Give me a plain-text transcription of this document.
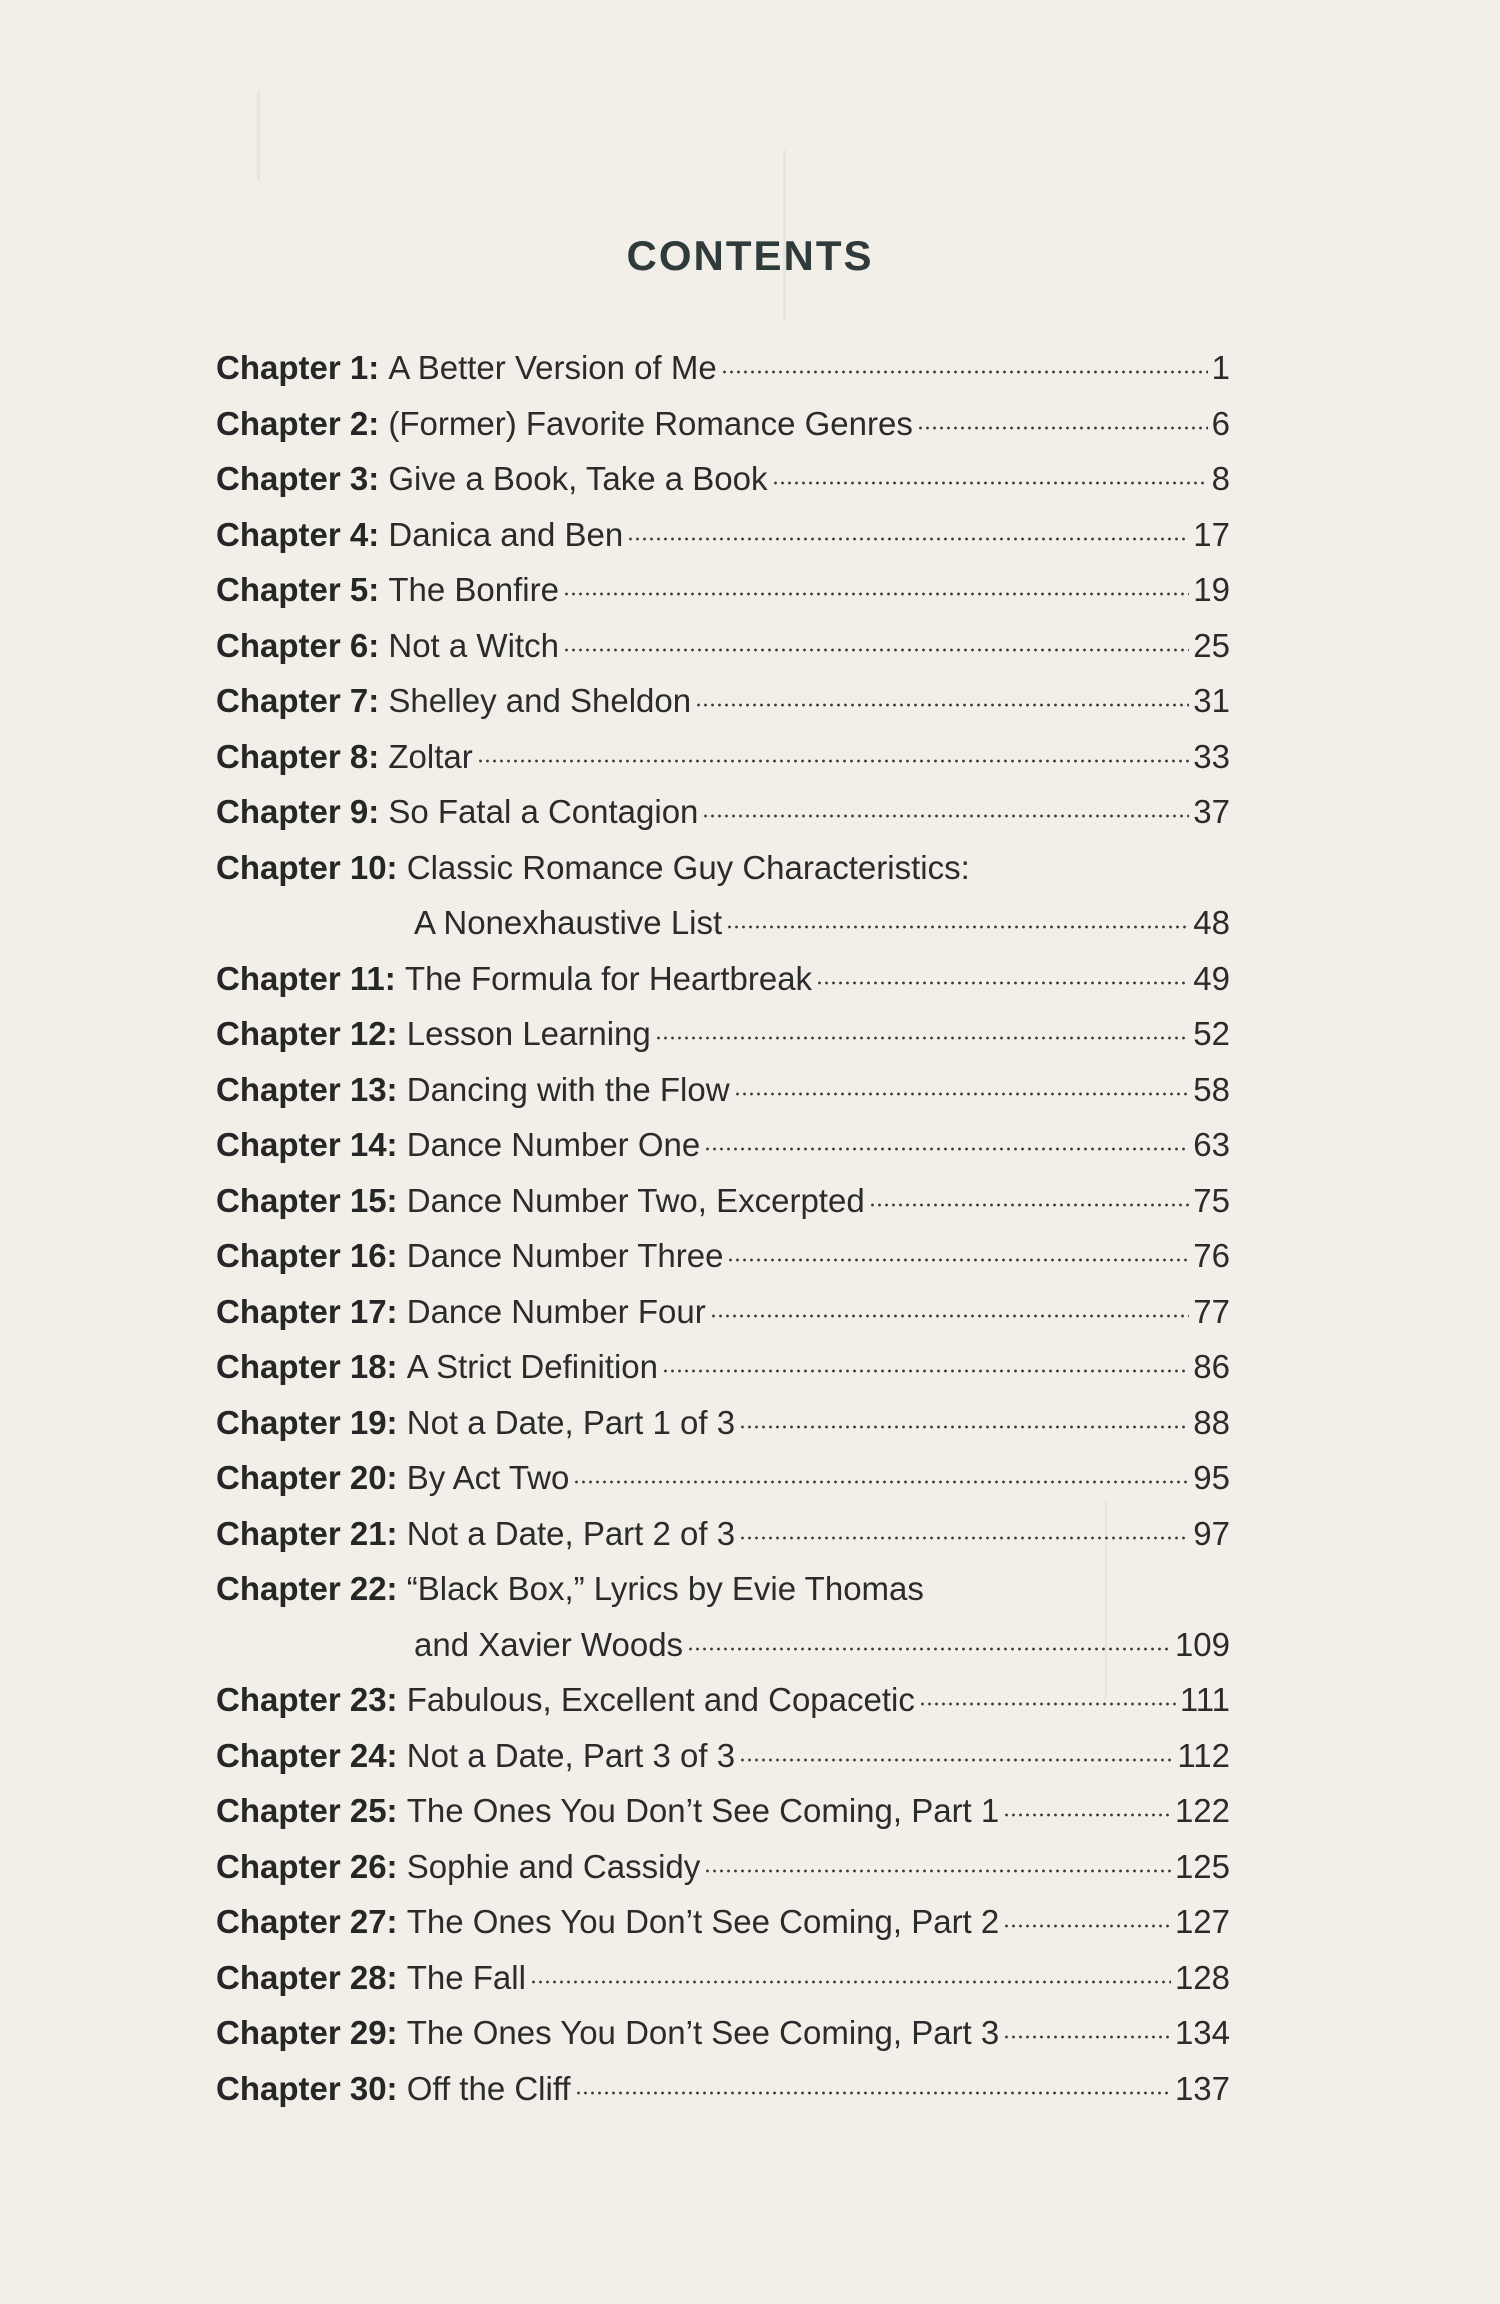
CONTENTS
Chapter 1:
A Better Version of Me	1
Chapter 2:
(Former) Favorite Romance Genres	6
Chapter 3:
Give a Book, Take a Book	8
Chapter 4:
Danica and Ben	17
Chapter 5:
The Bonfire	19
Chapter 6:
Not a Witch	25
Chapter 7:
Shelley and Sheldon	31
Chapter 8:
Zoltar	33
Chapter 9:
So Fatal a Contagion	37
Chapter 10:
Classic Romance Guy Characteristics:
A Nonexhaustive List	48
Chapter 11:
The Formula for Heartbreak	49
Chapter 12:
Lesson Learning	52
Chapter 13:
Dancing with the Flow	58
Chapter 14:
Dance Number One	63
Chapter 15:
Dance Number Two, Excerpted	75
Chapter 16:
Dance Number Three	76
Chapter 17:
Dance Number Four	77
Chapter 18:
A Strict Definition	86
Chapter 19:
Not a Date, Part 1 of 3	88
Chapter 20:
By Act Two	95
Chapter 21:
Not a Date, Part 2 of 3	97
Chapter 22:
“Black Box,” Lyrics by Evie Thomas
and Xavier Woods	109
Chapter 23:
Fabulous, Excellent and Copacetic	111
Chapter 24:
Not a Date, Part 3 of 3	112
Chapter 25:
The Ones You Don’t See Coming, Part 1	122
Chapter 26:
Sophie and Cassidy	125
Chapter 27:
The Ones You Don’t See Coming, Part 2	127
Chapter 28:
The Fall	128
Chapter 29:
The Ones You Don’t See Coming, Part 3	134
Chapter 30:
Off the Cliff	137
